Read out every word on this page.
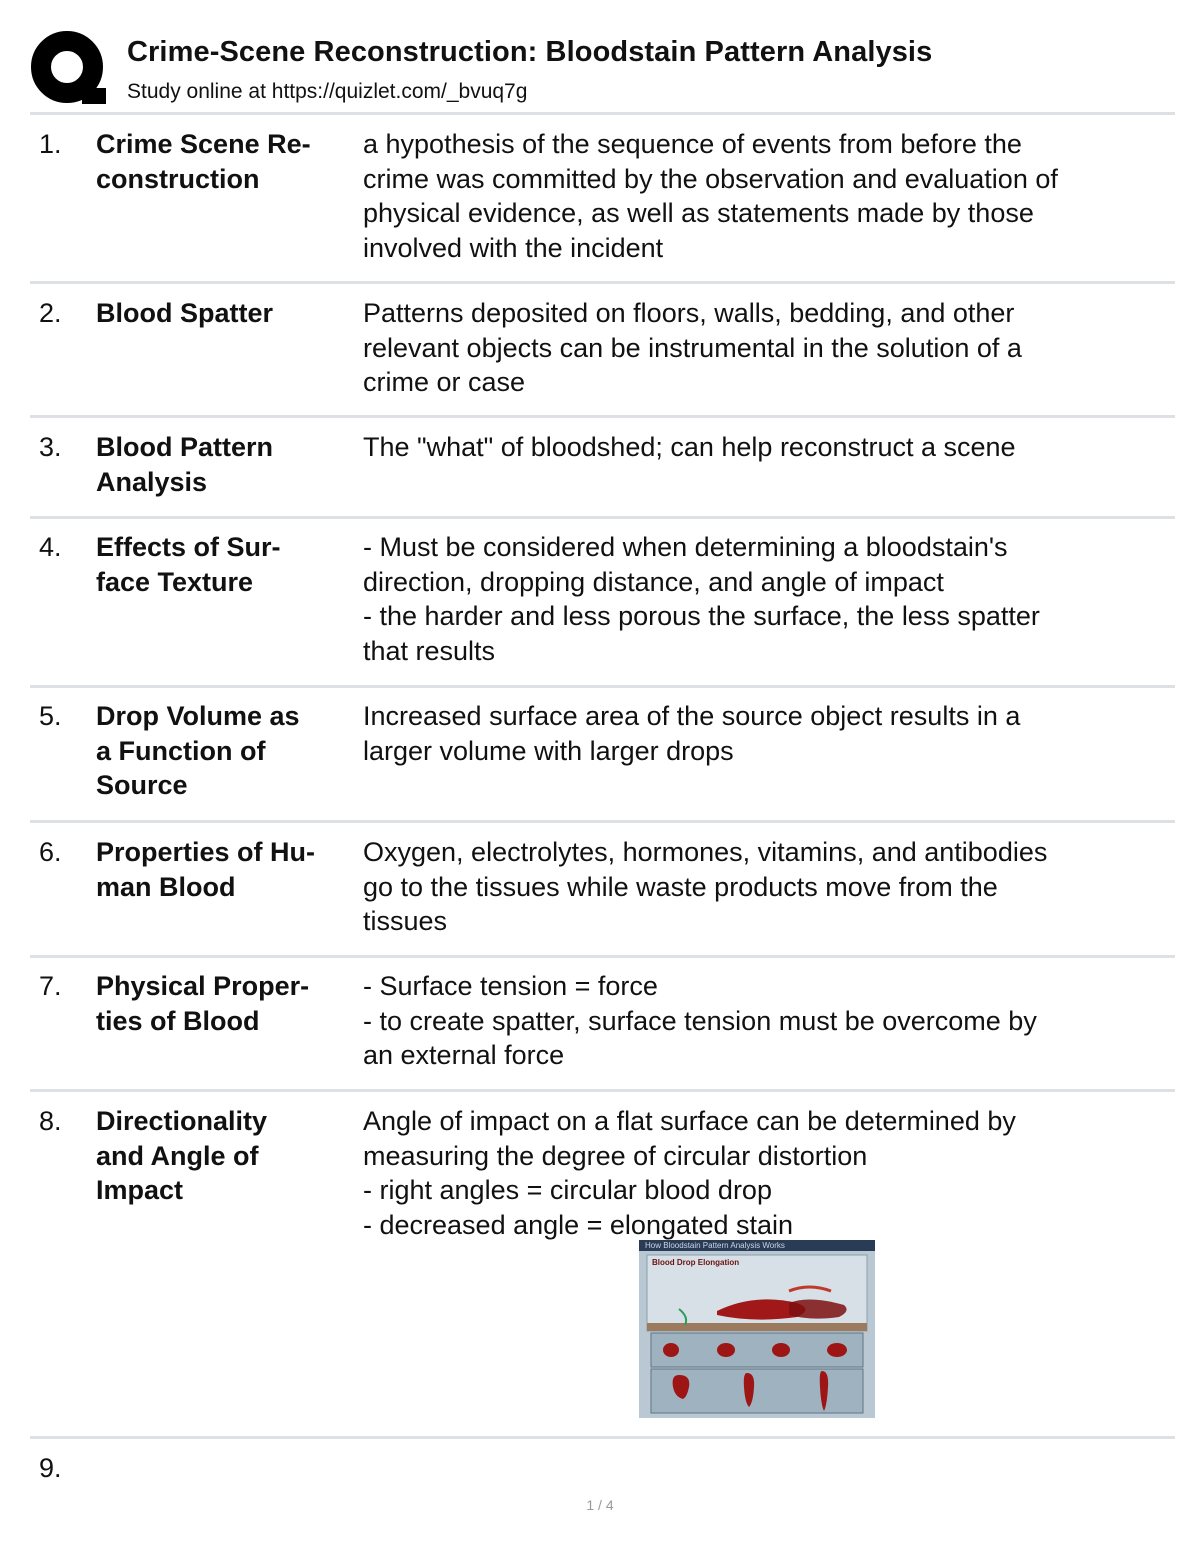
Crime-Scene Reconstruction: Bloodstain Pattern Analysis
Study online at https://quizlet.com/_bvuq7g
1. Crime Scene Re-
construction
a hypothesis of the sequence of events from before the
crime was committed by the observation and evaluation of
physical evidence, as well as statements made by those
involved with the incident
2. Blood Spatter	Patterns deposited on floors, walls, bedding, and other
relevant objects can be instrumental in the solution of a
crime or case
3. Blood Pattern
Analysis
The "what" of bloodshed; can help reconstruct a scene
4. Effects of Sur-
face Texture
- Must be considered when determining a bloodstain's
direction, dropping distance, and angle of impact
- the harder and less porous the surface, the less spatter
that results
5. Drop Volume as
a Function of
Source
Increased surface area of the source object results in a
larger volume with larger drops
6. Properties of Hu-
man Blood
Oxygen, electrolytes, hormones, vitamins, and antibodies
go to the tissues while waste products move from the
tissues
7. Physical Proper-
ties of Blood
- Surface tension = force
- to create spatter, surface tension must be overcome by
an external force
8. Directionality
and Angle of
Impact
Angle of impact on a flat surface can be determined by
measuring the degree of circular distortion
- right angles = circular blood drop
- decreased angle = elongated stain
How Bloodstain Pattern Analysis Works
Blood Drop Elongation
9.
1 / 4
